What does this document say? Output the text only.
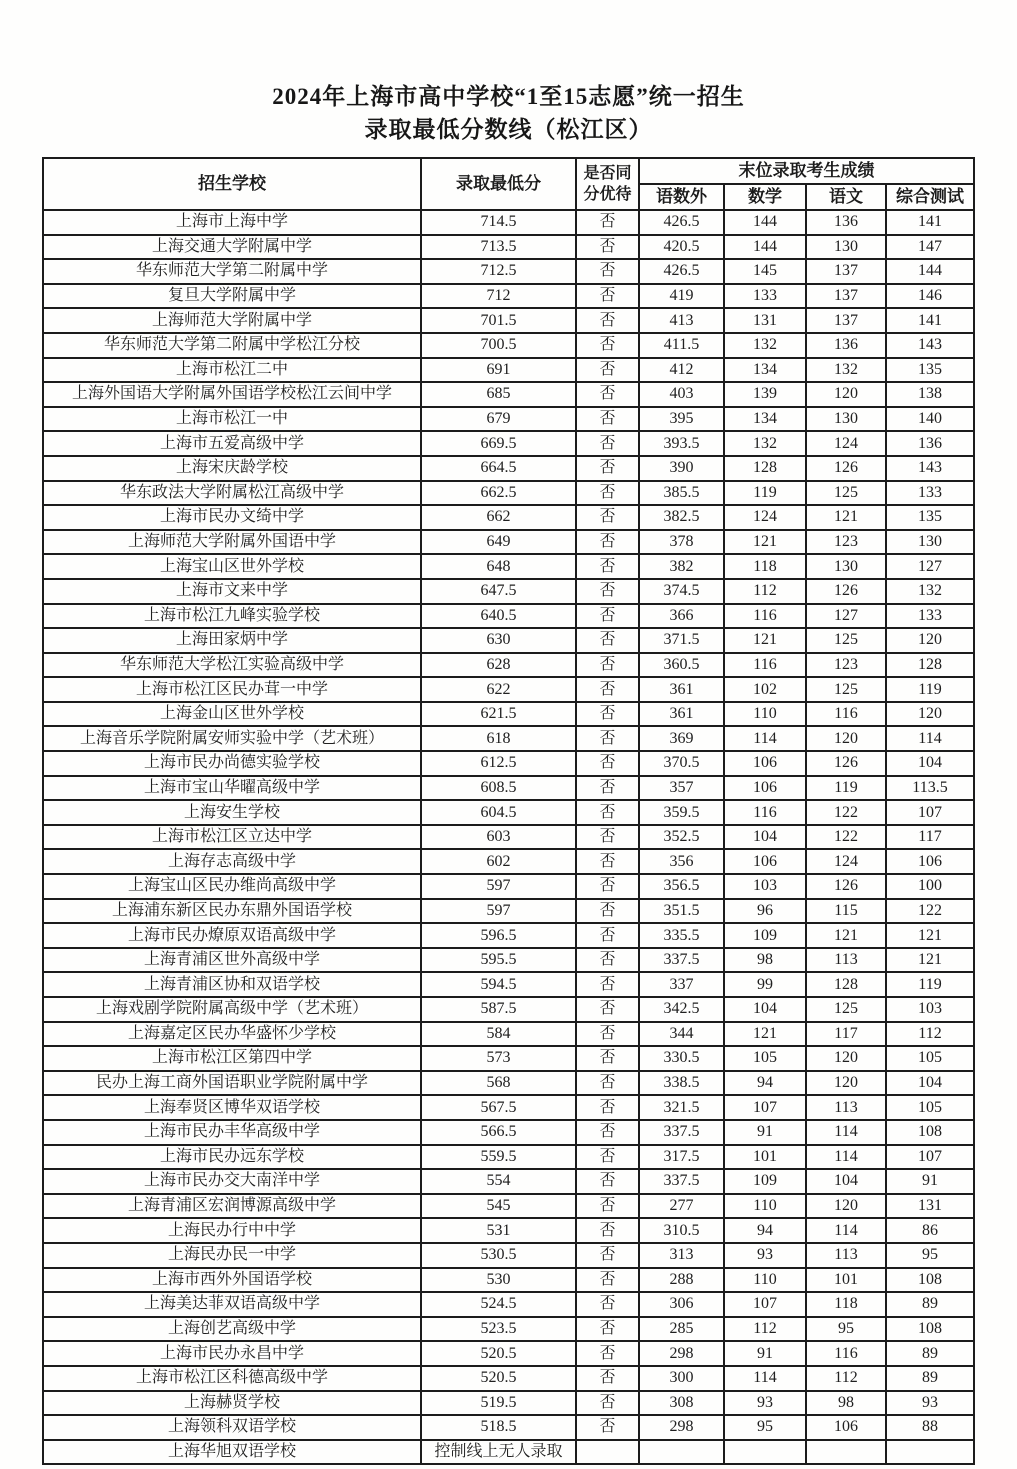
2024年上海市高中学校“1至15志愿”统一招生
录取最低分数线（松江区）
招生学校	录取最低分	是否同分优待	末位录取考生成绩			
			语数外	数学	语文	综合测试
上海市上海中学	714.5	否	426.5	144	136	141
上海交通大学附属中学	713.5	否	420.5	144	130	147
华东师范大学第二附属中学	712.5	否	426.5	145	137	144
复旦大学附属中学	712	否	419	133	137	146
上海师范大学附属中学	701.5	否	413	131	137	141
华东师范大学第二附属中学松江分校	700.5	否	411.5	132	136	143
上海市松江二中	691	否	412	134	132	135
上海外国语大学附属外国语学校松江云间中学	685	否	403	139	120	138
上海市松江一中	679	否	395	134	130	140
上海市五爱高级中学	669.5	否	393.5	132	124	136
上海宋庆龄学校	664.5	否	390	128	126	143
华东政法大学附属松江高级中学	662.5	否	385.5	119	125	133
上海市民办文绮中学	662	否	382.5	124	121	135
上海师范大学附属外国语中学	649	否	378	121	123	130
上海宝山区世外学校	648	否	382	118	130	127
上海市文来中学	647.5	否	374.5	112	126	132
上海市松江九峰实验学校	640.5	否	366	116	127	133
上海田家炳中学	630	否	371.5	121	125	120
华东师范大学松江实验高级中学	628	否	360.5	116	123	128
上海市松江区民办茸一中学	622	否	361	102	125	119
上海金山区世外学校	621.5	否	361	110	116	120
上海音乐学院附属安师实验中学（艺术班）	618	否	369	114	120	114
上海市民办尚德实验学校	612.5	否	370.5	106	126	104
上海市宝山华曜高级中学	608.5	否	357	106	119	113.5
上海安生学校	604.5	否	359.5	116	122	107
上海市松江区立达中学	603	否	352.5	104	122	117
上海存志高级中学	602	否	356	106	124	106
上海宝山区民办维尚高级中学	597	否	356.5	103	126	100
上海浦东新区民办东鼎外国语学校	597	否	351.5	96	115	122
上海市民办燎原双语高级中学	596.5	否	335.5	109	121	121
上海青浦区世外高级中学	595.5	否	337.5	98	113	121
上海青浦区协和双语学校	594.5	否	337	99	128	119
上海戏剧学院附属高级中学（艺术班）	587.5	否	342.5	104	125	103
上海嘉定区民办华盛怀少学校	584	否	344	121	117	112
上海市松江区第四中学	573	否	330.5	105	120	105
民办上海工商外国语职业学院附属中学	568	否	338.5	94	120	104
上海奉贤区博华双语学校	567.5	否	321.5	107	113	105
上海市民办丰华高级中学	566.5	否	337.5	91	114	108
上海市民办远东学校	559.5	否	317.5	101	114	107
上海市民办交大南洋中学	554	否	337.5	109	104	91
上海青浦区宏润博源高级中学	545	否	277	110	120	131
上海民办行中中学	531	否	310.5	94	114	86
上海民办民一中学	530.5	否	313	93	113	95
上海市西外外国语学校	530	否	288	110	101	108
上海美达菲双语高级中学	524.5	否	306	107	118	89
上海创艺高级中学	523.5	否	285	112	95	108
上海市民办永昌中学	520.5	否	298	91	116	89
上海市松江区科德高级中学	520.5	否	300	114	112	89
上海赫贤学校	519.5	否	308	93	98	93
上海领科双语学校	518.5	否	298	95	106	88
上海华旭双语学校	控制线上无人录取					
